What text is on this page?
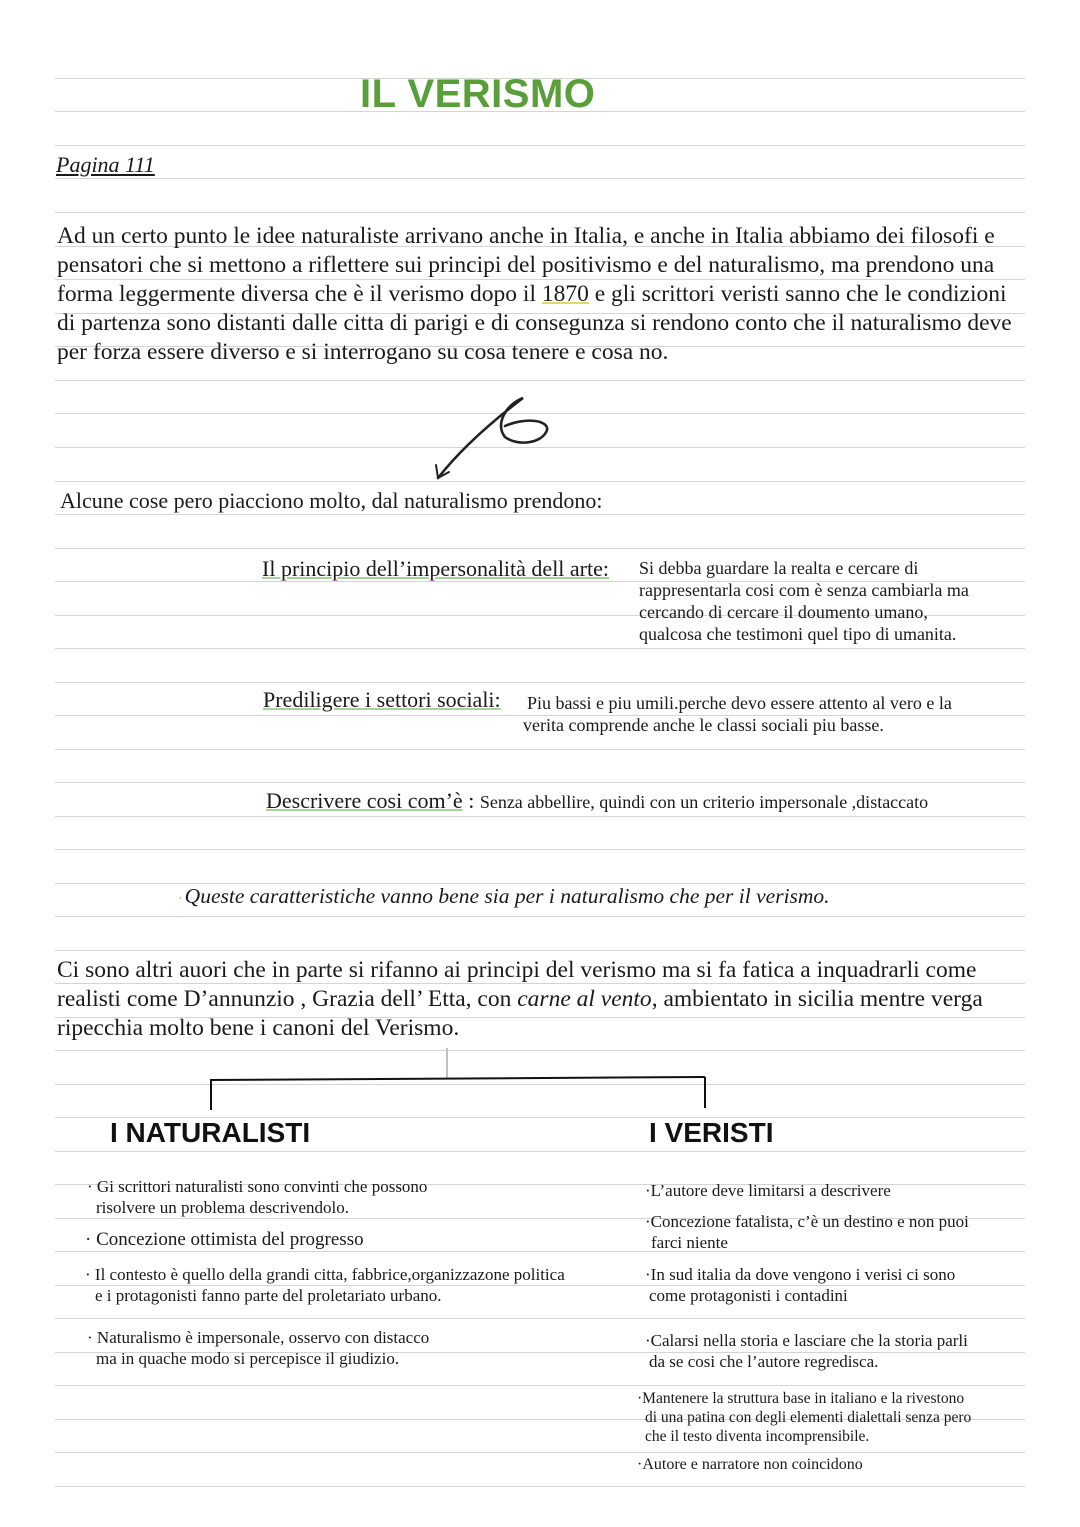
IL VERISMO
Pagina 111
Ad un certo punto le idee naturaliste arrivano anche in Italia, e anche in Italia abbiamo dei filosofi e pensatori che si mettono a riflettere sui principi del positivismo e del naturalismo, ma prendono una forma leggermente diversa che è il verismo dopo il 1870 e gli scrittori veristi sanno che le condizioni di partenza sono distanti dalle citta di parigi e di consegunza si rendono conto che il naturalismo deve per forza essere diverso e si interrogano su cosa tenere e cosa no.
Alcune cose pero piacciono molto, dal naturalismo prendono:
Il principio dell’impersonalità dell arte: Si debba guardare la realta e cercare di
rappresentarla cosi com è senza cambiarla ma
cercando di cercare il doumento umano,
qualcosa che testimoni quel tipo di umanita.
Prediligere i settori sociali: Piu bassi e piu umili.perche devo essere attento al vero e la
verita comprende anche le classi sociali piu basse.
Descrivere cosi com’è : Senza abbellire, quindi con un criterio impersonale ,distaccato
·Queste caratteristiche vanno bene sia per i naturalismo che per il verismo.
Ci sono altri auori che in parte si rifanno ai principi del verismo ma si fa fatica a inquadrarli come realisti come D’annunzio , Grazia dell’ Etta, con carne al vento, ambientato in sicilia mentre verga ripecchia molto bene i canoni del Verismo.
I NATURALISTI
· Gi scrittori naturalisti sono convinti che possono
risolvere un problema descrivendolo.
· Concezione ottimista del progresso
· Il contesto è quello della grandi citta, fabbrice,organizzazone politica
e i protagonisti fanno parte del proletariato urbano.
· Naturalismo è impersonale, osservo con distacco
ma in quache modo si percepisce il giudizio.
I VERISTI
·L’autore deve limitarsi a descrivere
·Concezione fatalista, c’è un destino e non puoi
farci niente
·In sud italia da dove vengono i verisi ci sono
come protagonisti i contadini
·Calarsi nella storia e lasciare che la storia parli
da se cosi che l’autore regredisca.
·Mantenere la struttura base in italiano e la rivestono
di una patina con degli elementi dialettali senza pero
che il testo diventa incomprensibile.
·Autore e narratore non coincidono
